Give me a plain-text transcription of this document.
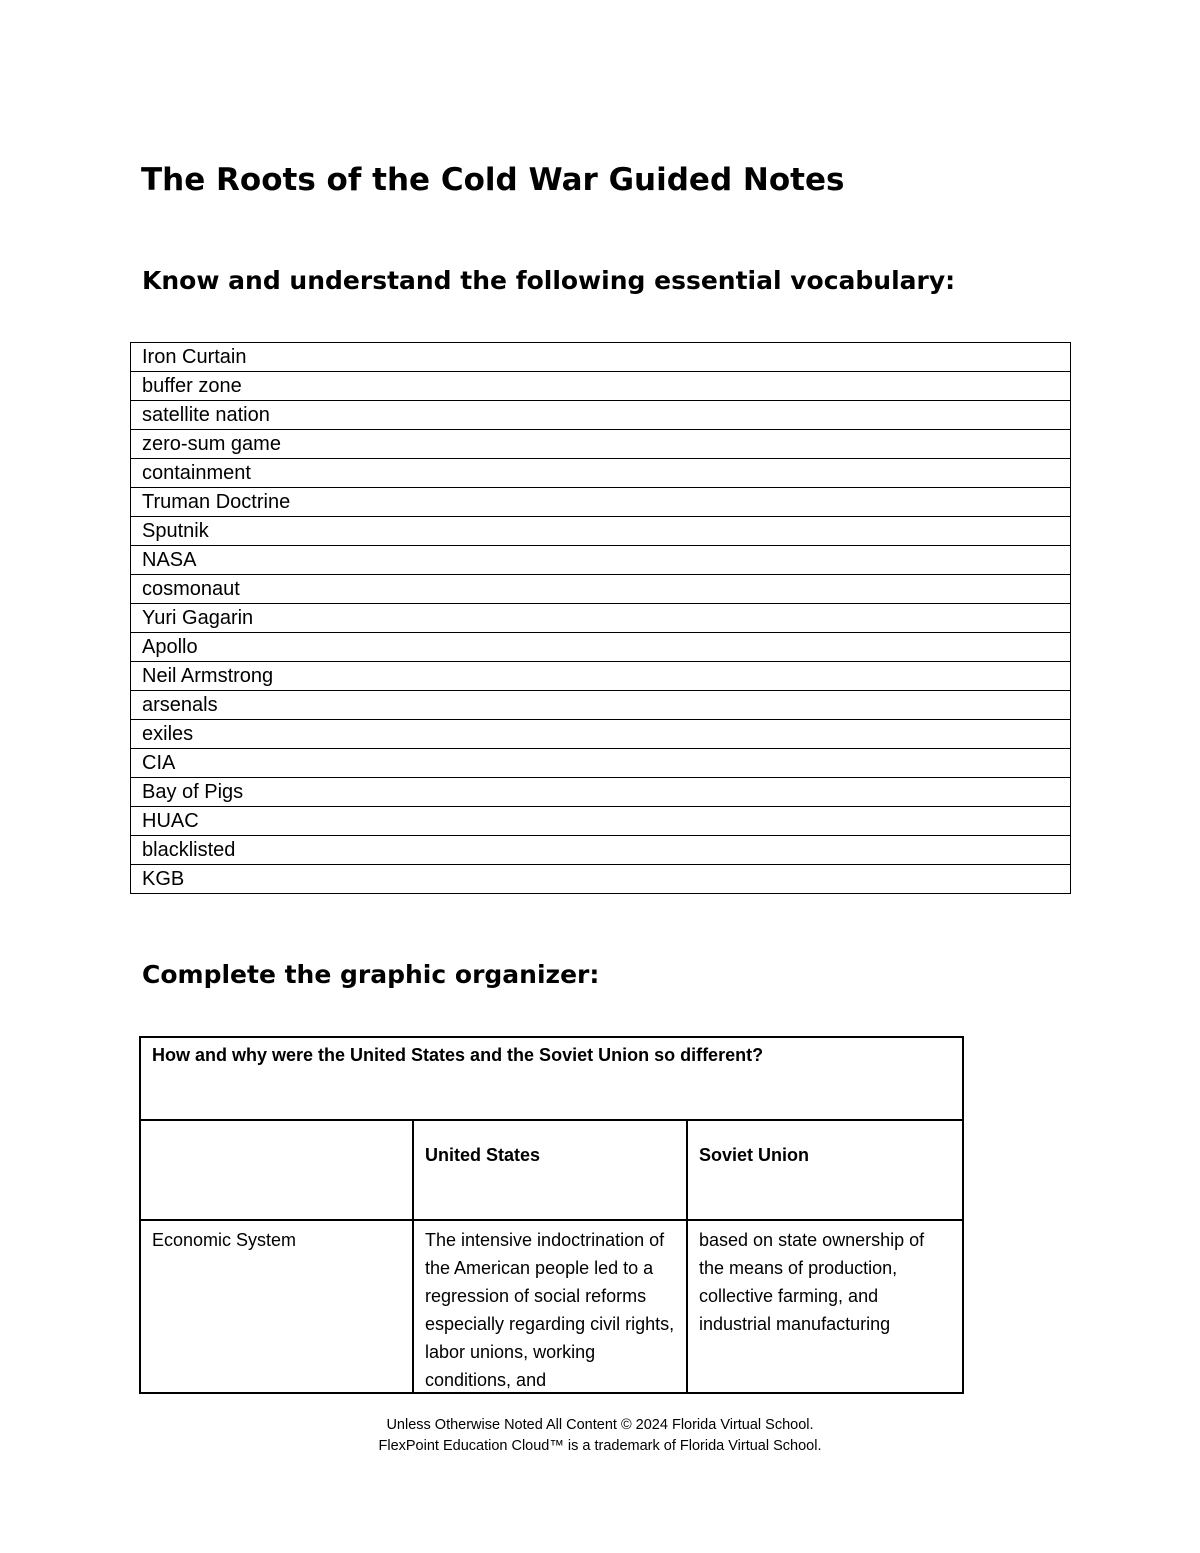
The Roots of the Cold War Guided Notes
Know and understand the following essential vocabulary:
Iron Curtain
buffer zone
satellite nation
zero-sum game
containment
Truman Doctrine
Sputnik
NASA
cosmonaut
Yuri Gagarin
Apollo
Neil Armstrong
arsenals
exiles
CIA
Bay of Pigs
HUAC
blacklisted
KGB
Complete the graphic organizer:
How and why were the United States and the Soviet Union so different?		
	United States	Soviet Union

Economic System	The intensive indoctrination of the American people led to a regression of social reforms especially regarding civil rights, labor unions, working conditions, and	based on state ownership of the means of production, collective farming, and industrial manufacturing
Unless Otherwise Noted All Content © 2024 Florida Virtual School.
FlexPoint Education Cloud™ is a trademark of Florida Virtual School.
